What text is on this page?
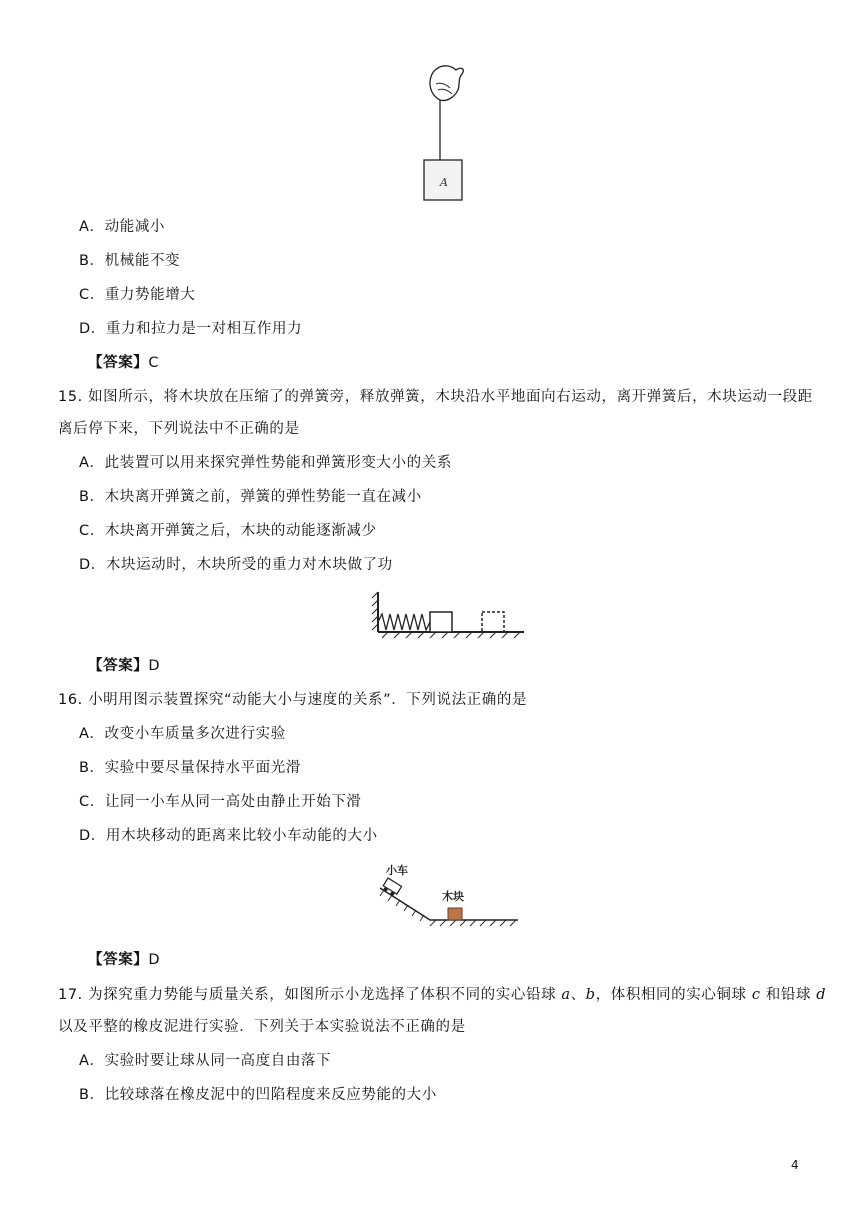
A
A．动能减小
B．机械能不变
C．重力势能增大
D．重力和拉力是一对相互作用力
【答案】C
15. 如图所示，将木块放在压缩了的弹簧旁，释放弹簧，木块沿水平地面向右运动，离开弹簧后，木块运动一段距
离后停下来，下列说法中不正确的是
A．此装置可以用来探究弹性势能和弹簧形变大小的关系
B．木块离开弹簧之前，弹簧的弹性势能一直在减小
C．木块离开弹簧之后，木块的动能逐渐减少
D．木块运动时，木块所受的重力对木块做了功
【答案】D
16. 小明用图示装置探究“动能大小与速度的关系”．下列说法正确的是
A．改变小车质量多次进行实验
B．实验中要尽量保持水平面光滑
C．让同一小车从同一高处由静止开始下滑
D．用木块移动的距离来比较小车动能的大小
小车
木块
【答案】D
17. 为探究重力势能与质量关系，如图所示小龙选择了体积不同的实心铅球 a、b，体积相同的实心铜球 c 和铅球 d
以及平整的橡皮泥进行实验．下列关于本实验说法不正确的是
A．实验时要让球从同一高度自由落下
B．比较球落在橡皮泥中的凹陷程度来反应势能的大小
4
